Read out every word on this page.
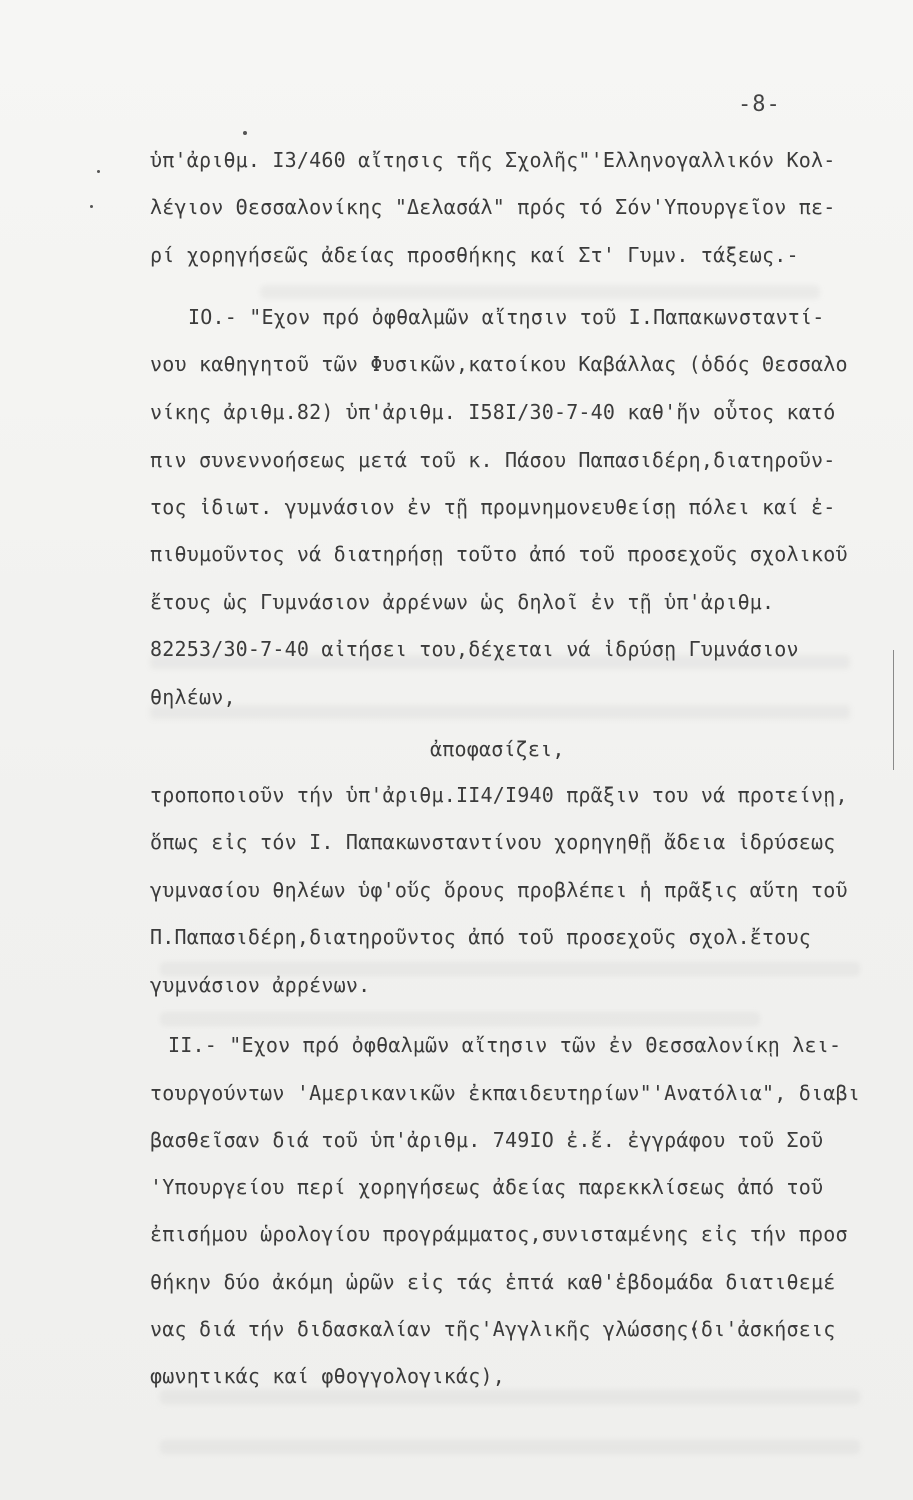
-8-
ὑπ'ἀριθμ. I3/460 αἴτησις τῆς Σχολῆς"'Ελληνογαλλικόν Κολ-
λέγιον Θεσσαλονίκης "Δελασάλ" πρός τό Σόν'Υπουργεῖον πε-
ρί χορηγήσεῶς ἀδείας προσθήκης καί Στ' Γυμν. τάξεως.-
IO.- "Εχον πρό ὀφθαλμῶν αἴτησιν τοῦ Ι.Παπακωνσταντί-
νου καθηγητοῦ τῶν Φυσικῶν,κατοίκου Καβάλλας (ὁδός Θεσσαλο
νίκης ἀριθμ.82) ὑπ'ἀριθμ. I58I/30-7-40 καθ'ἥν οὗτος κατό
πιν συνεννοήσεως μετά τοῦ κ. Πάσου Παπασιδέρη,διατηροῦν-
τος ἰδιωτ. γυμνάσιον ἐν τῇ προμνημονευθείσῃ πόλει καί ἐ-
πιθυμοῦντος νά διατηρήσῃ τοῦτο ἀπό τοῦ προσεχοῦς σχολικοῦ
ἔτους ὡς Γυμνάσιον ἀρρένων ὡς δηλοῖ ἐν τῇ ὑπ'ἀριθμ.
82253/30-7-40 αἰτήσει του,δέχεται νά ἱδρύσῃ Γυμνάσιον
θηλέων,
ἀποφασίζει,
τροποποιοῦν τήν ὑπ'ἀριθμ.II4/I940 πρᾶξιν του νά προτείνῃ,
ὅπως εἰς τόν Ι. Παπακωνσταντίνου χορηγηθῇ ἄδεια ἱδρύσεως
γυμνασίου θηλέων ὑφ'οὕς ὅρους προβλέπει ἡ πρᾶξις αὕτη τοῦ
Π.Παπασιδέρη,διατηροῦντος ἀπό τοῦ προσεχοῦς σχολ.ἔτους
γυμνάσιον ἀρρένων.
II.- "Εχον πρό ὀφθαλμῶν αἴτησιν τῶν ἐν Θεσσαλονίκῃ λει-
τουργούντων 'Αμερικανικῶν ἐκπαιδευτηρίων"'Ανατόλια", διαβι
βασθεῖσαν διά τοῦ ὑπ'ἀριθμ. 749IO ἐ.ἔ. ἐγγράφου τοῦ Σοῦ
'Υπουργείου περί χορηγήσεως ἀδείας παρεκκλίσεως ἀπό τοῦ
ἐπισήμου ὡρολογίου προγράμματος,συνισταμένης εἰς τήν προσ
θήκην δύο ἀκόμη ὡρῶν εἰς τάς ἑπτά καθ'ἑβδομάδα διατιθεμέ
νας διά τήν διδασκαλίαν τῆς'Αγγλικῆς γλώσσης(δι'ἀσκήσεις
φωνητικάς καί φθογγολογικάς),
